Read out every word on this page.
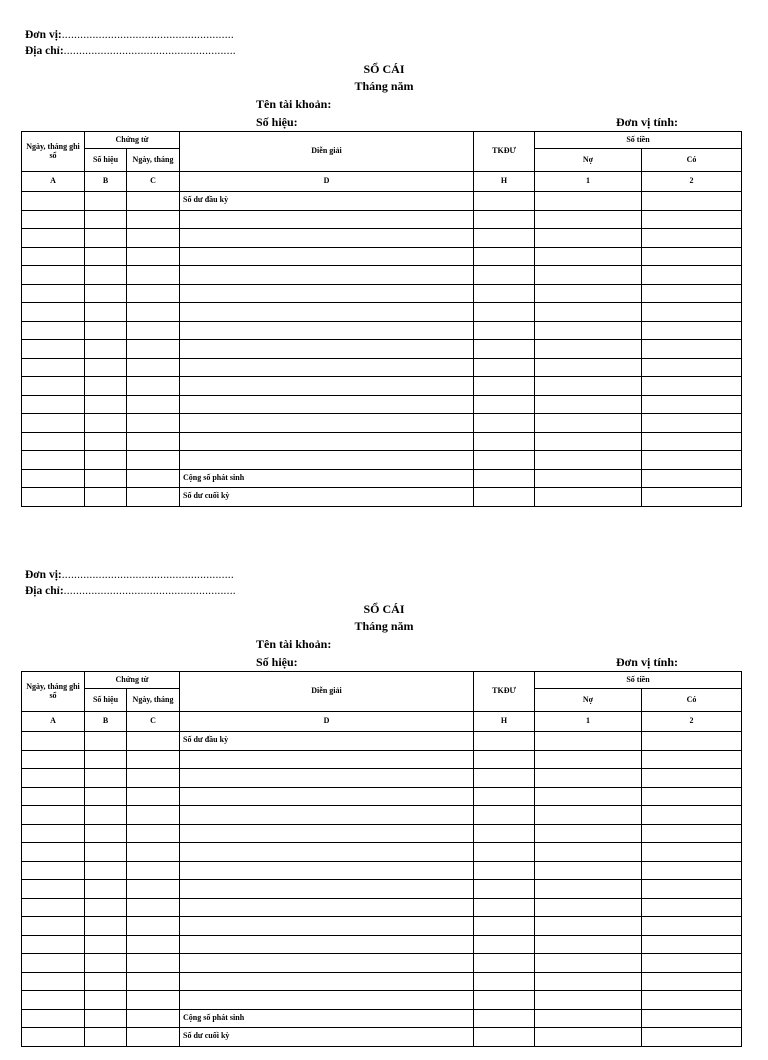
Đơn vị:........................................................
Địa chỉ:........................................................
SỔ CÁI
Tháng năm
Tên tài khoản:
Số hiệu:	Đơn vị tính:
Ngày, tháng ghi sổ	Chứng từ		Diễn giải	TKĐƯ	Số tiền	
	Số hiệu	Ngày, tháng			Nợ	Có
A	B	C	D	H	1	2
			Số dư đầu kỳ			

			Cộng số phát sinh			
			Số dư cuối kỳ			
Đơn vị:........................................................
Địa chỉ:........................................................
SỔ CÁI
Tháng năm
Tên tài khoản:
Số hiệu:	Đơn vị tính:
Ngày, tháng ghi sổ	Chứng từ		Diễn giải	TKĐƯ	Số tiền	
	Số hiệu	Ngày, tháng			Nợ	Có
A	B	C	D	H	1	2
			Số dư đầu kỳ			

			Cộng số phát sinh			
			Số dư cuối kỳ			
